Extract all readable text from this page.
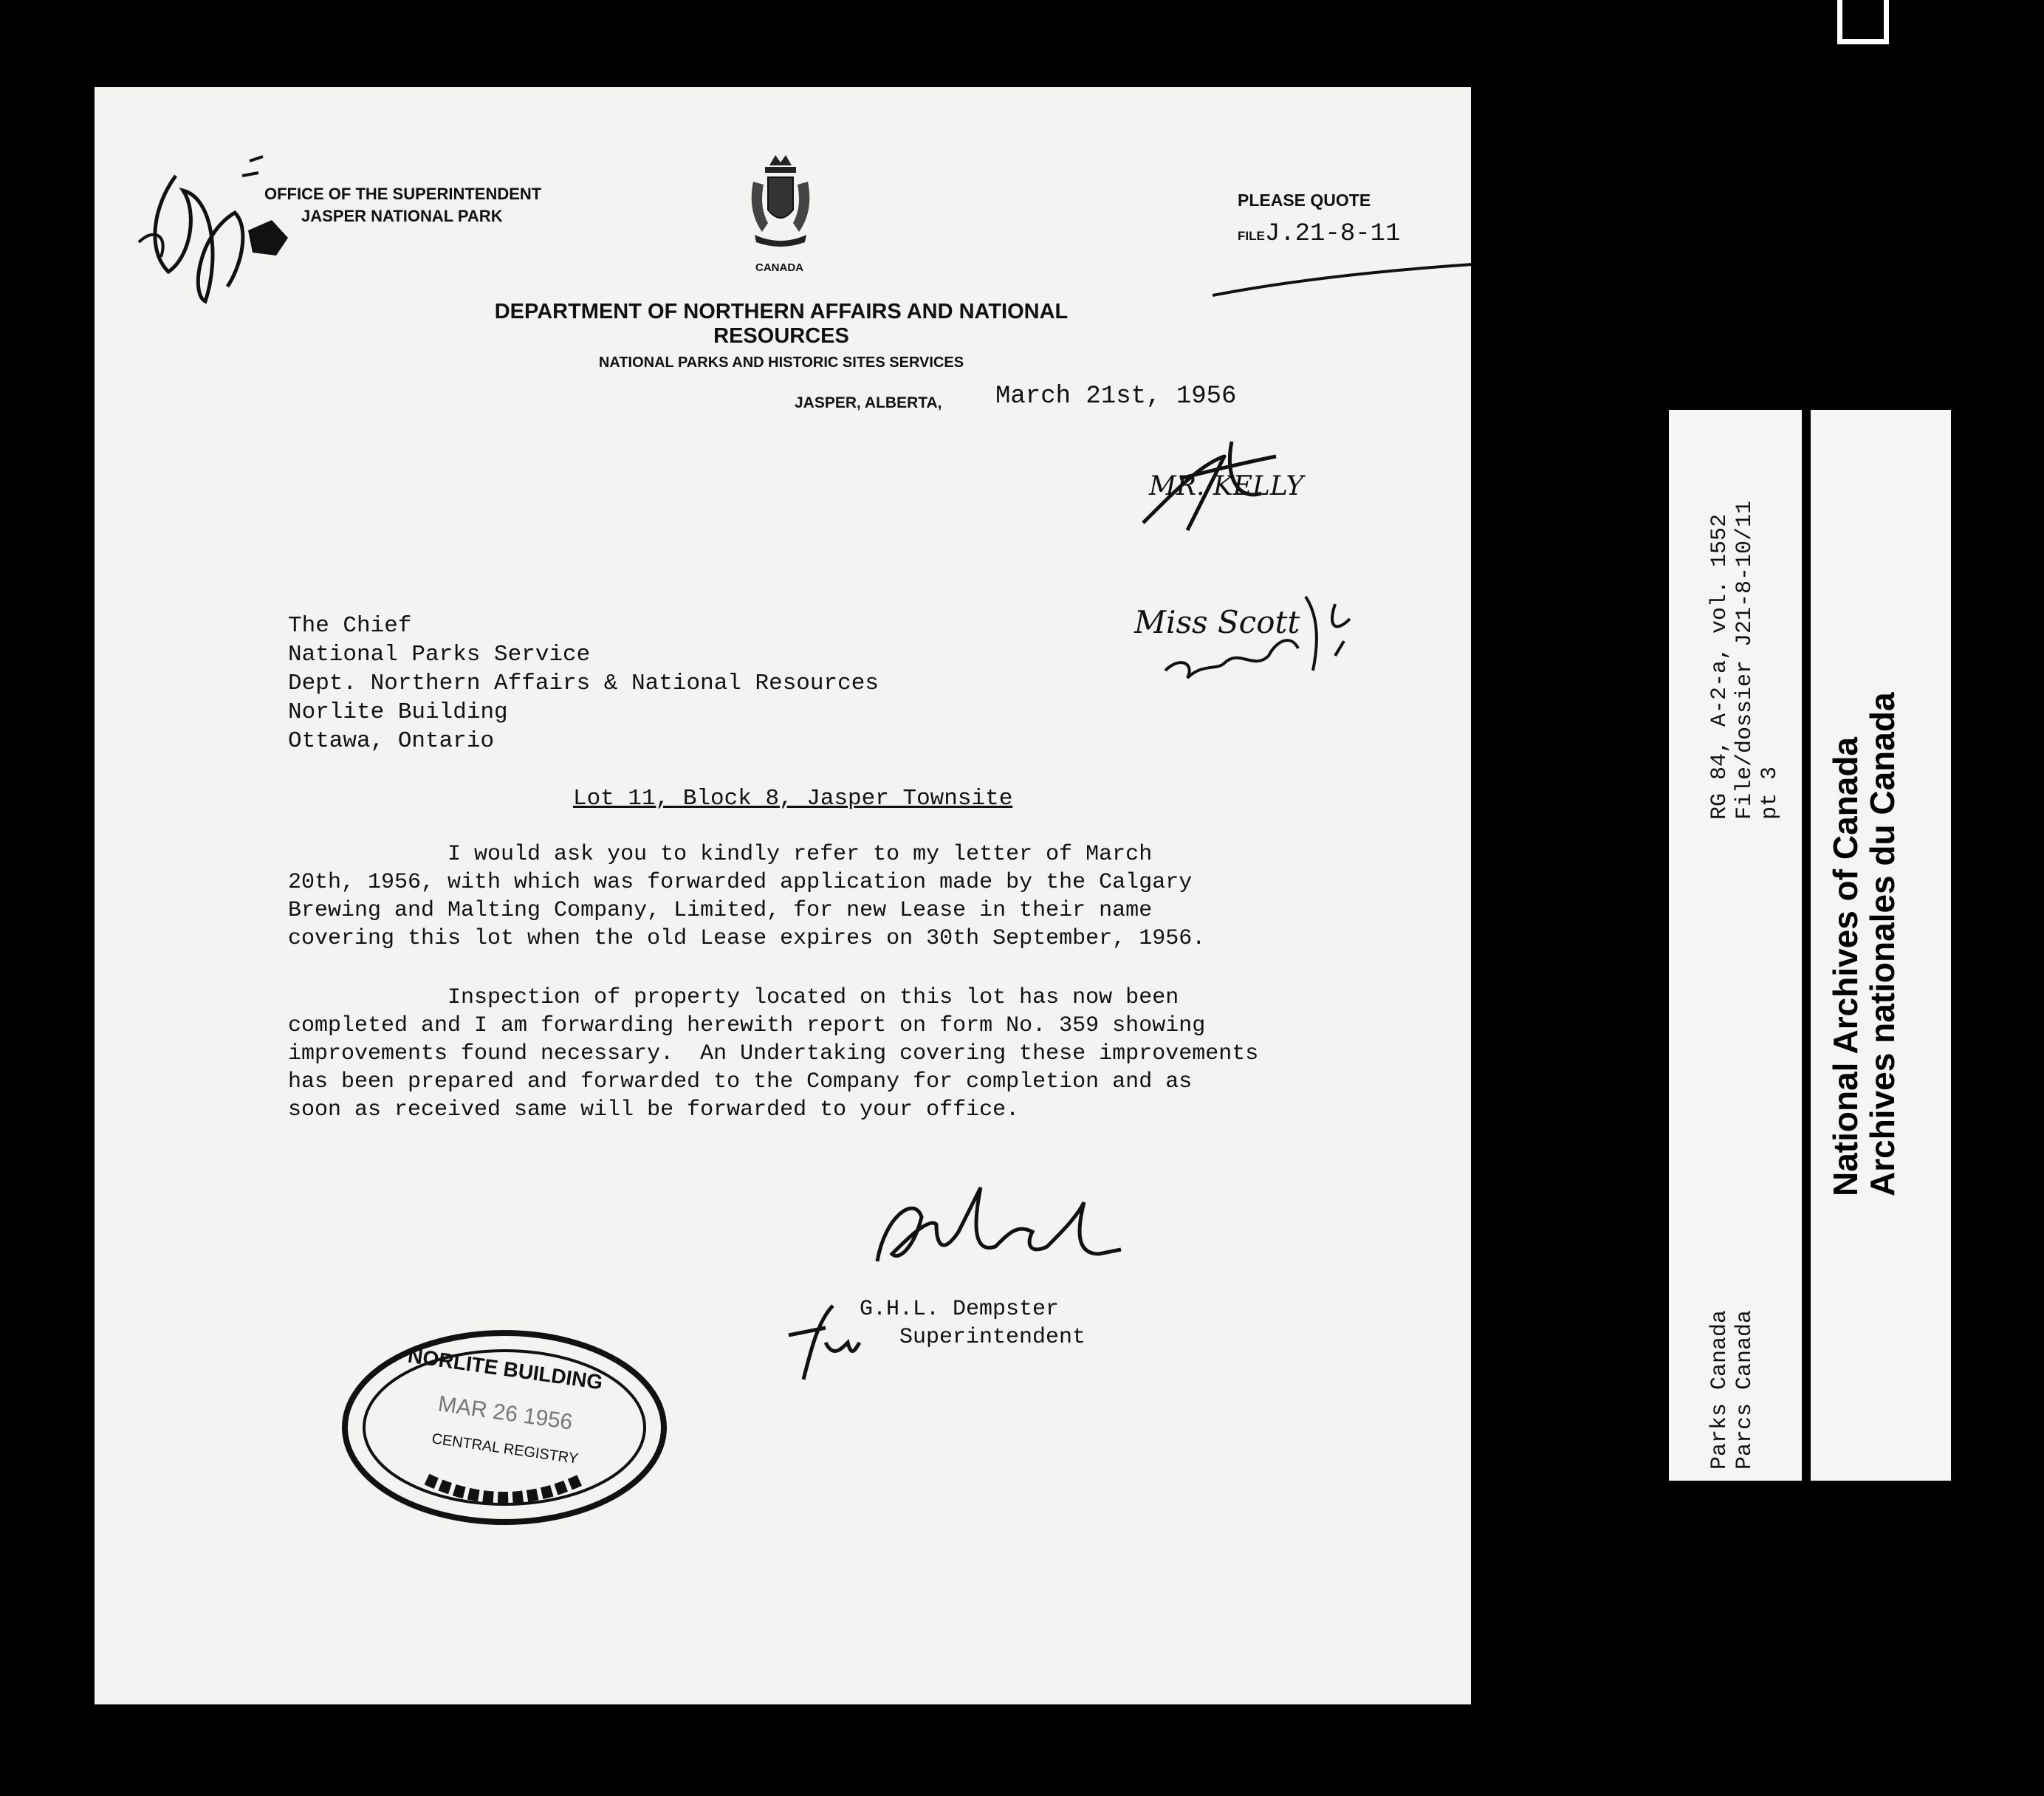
OFFICE OF THE SUPERINTENDENT
JASPER NATIONAL PARK
CANADA
PLEASE QUOTE
FILEJ.21-8-11
DEPARTMENT OF NORTHERN AFFAIRS AND NATIONAL RESOURCES
NATIONAL PARKS AND HISTORIC SITES SERVICES
JASPER, ALBERTA, March 21st, 1956
MR. KELLY
Miss Scott
The Chief
National Parks Service
Dept. Northern Affairs & National Resources
Norlite Building
Ottawa, Ontario
Lot 11, Block 8, Jasper Townsite
I would ask you to kindly refer to my letter of March
20th, 1956, with which was forwarded application made by the Calgary
Brewing and Malting Company, Limited, for new Lease in their name
covering this lot when the old Lease expires on 30th September, 1956.
Inspection of property located on this lot has now been
completed and I am forwarding herewith report on form No. 359 showing
improvements found necessary.  An Undertaking covering these improvements
has been prepared and forwarded to the Company for completion and as
soon as received same will be forwarded to your office.
G.H.L. Dempster
Superintendent
NORLITE BUILDING
MAR 26 1956
CENTRAL REGISTRY
RG 84, A-2-a, vol. 1552 File/dossier J21-8-10/11 pt 3
Parks Canada Parcs Canada
National Archives of Canada
Archives nationales du Canada
